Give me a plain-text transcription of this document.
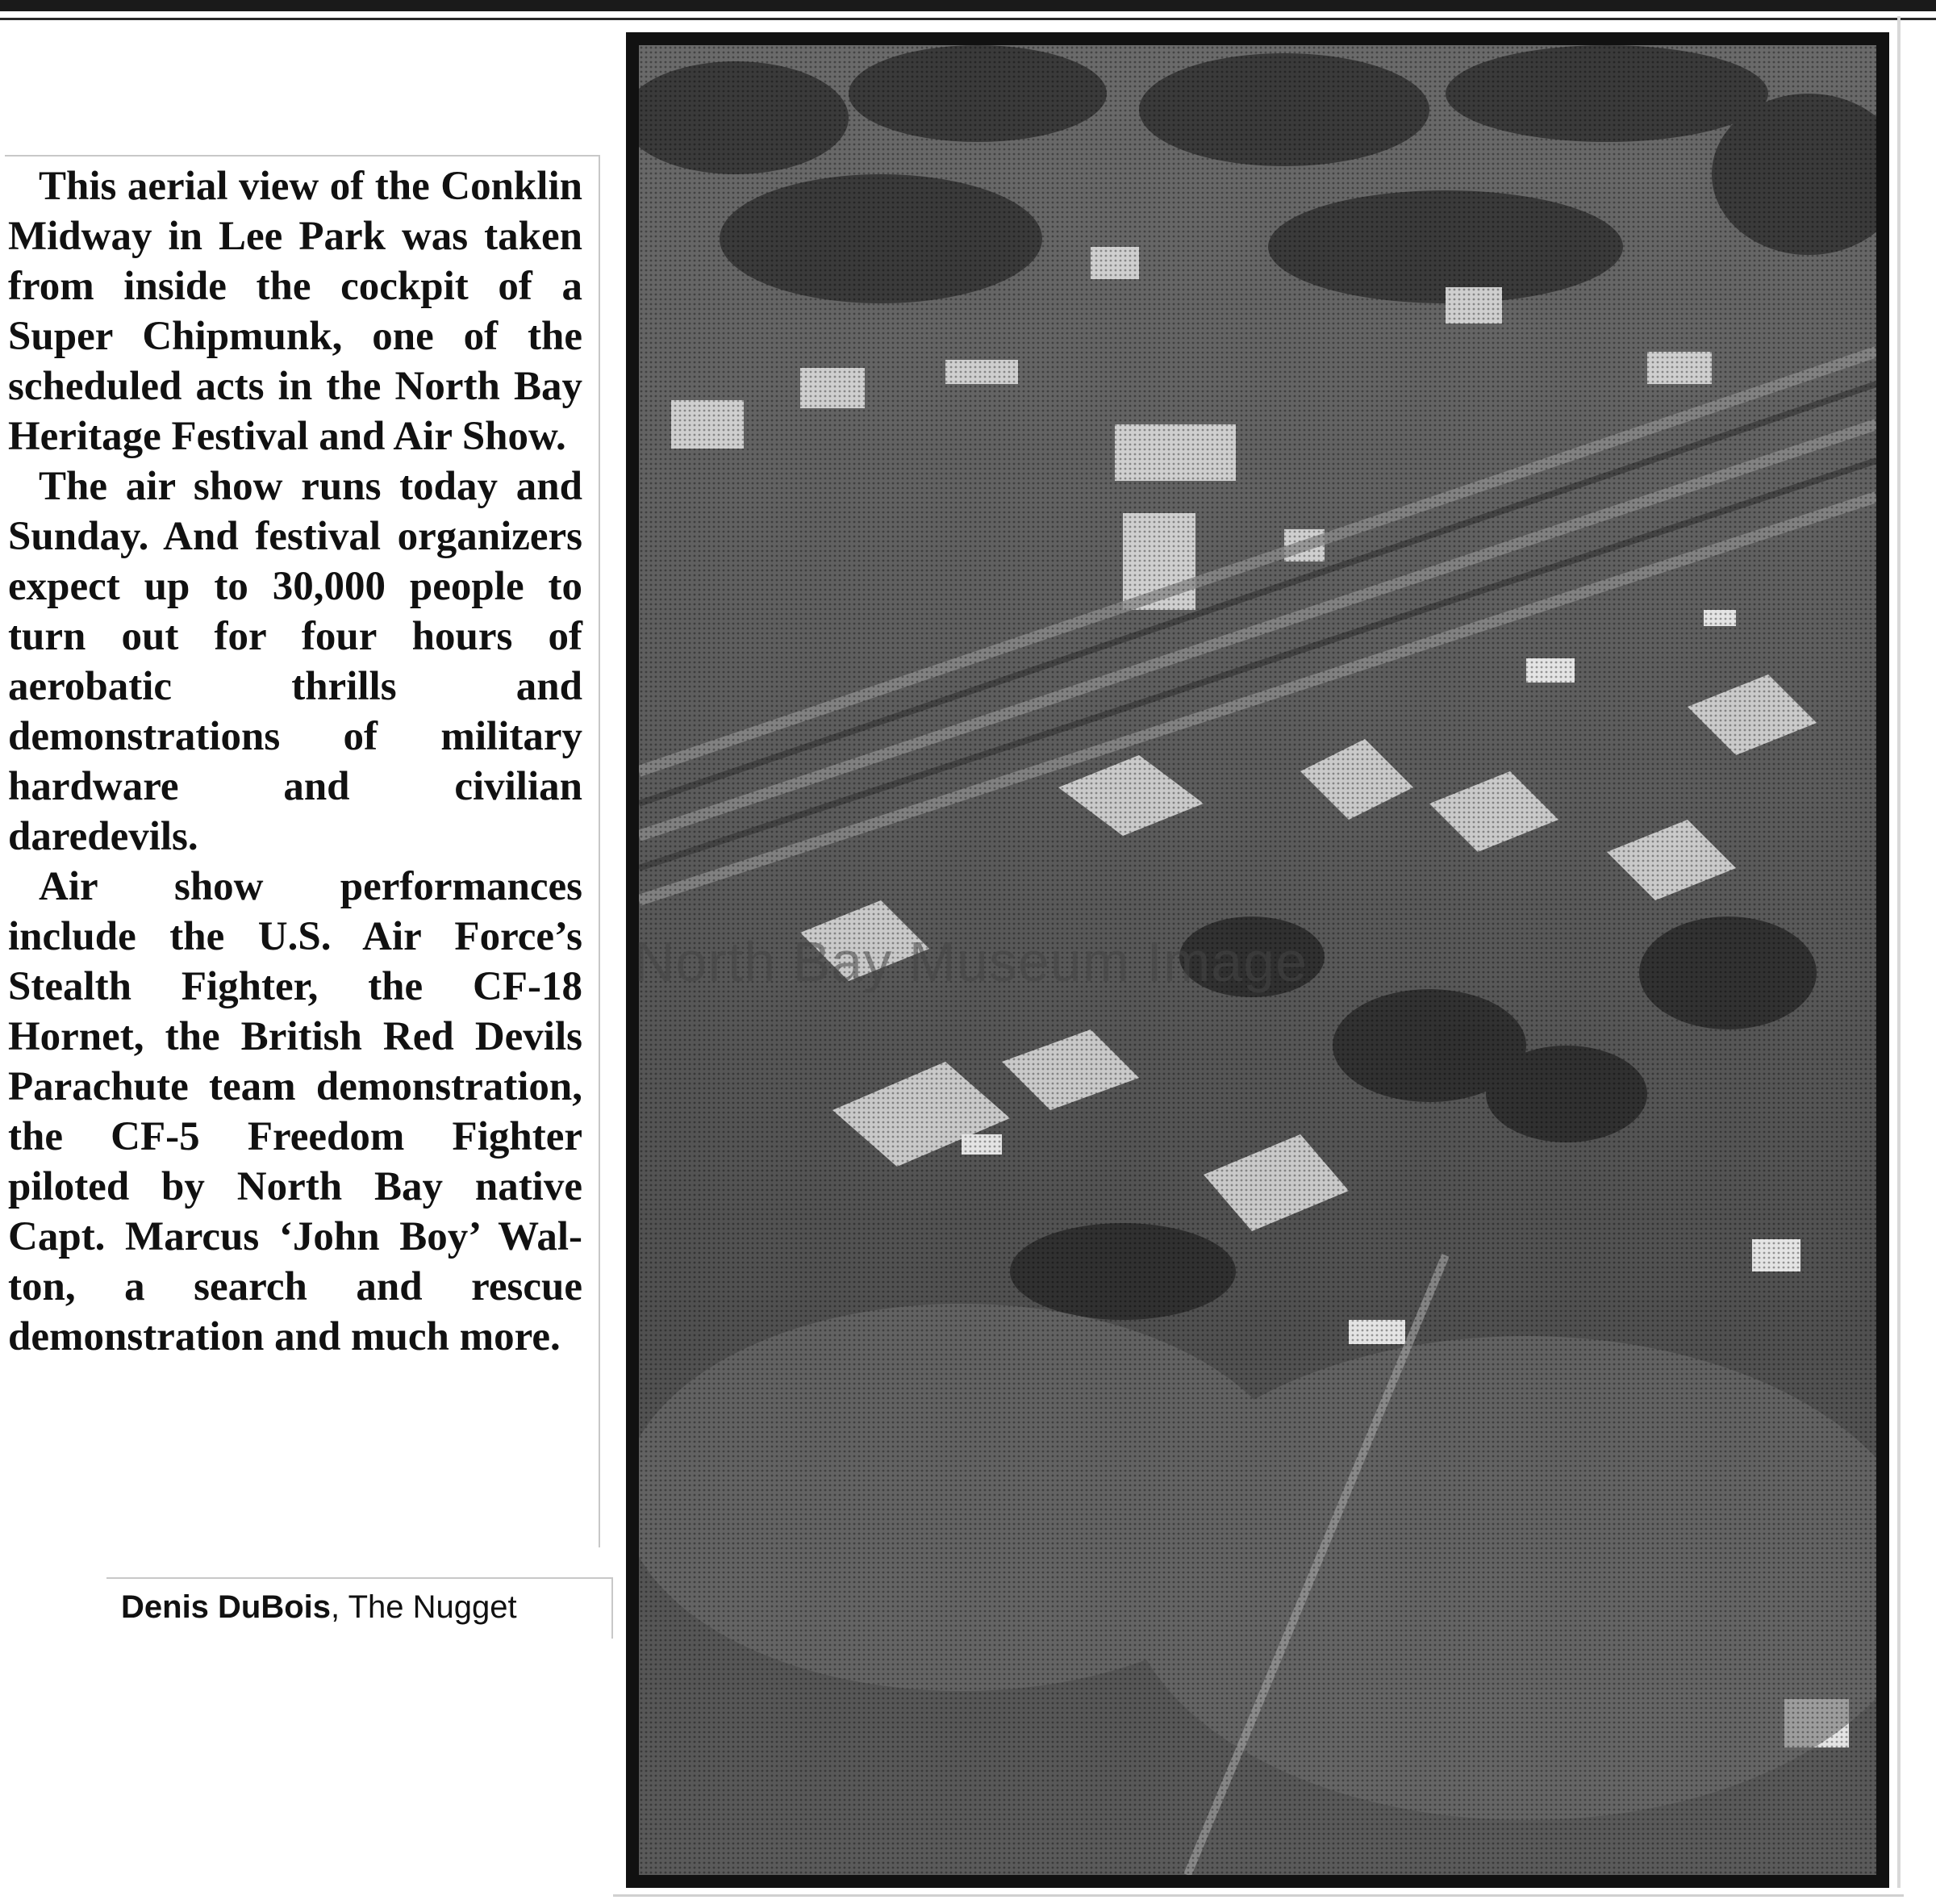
This aerial view of the Conklin Midway in Lee Park was taken from inside the cockpit of a Super Chipmunk, one of the scheduled acts in the North Bay Heritage Festival and Air Show.

The air show runs today and Sunday. And festival organizers expect up to 30,000 people to turn out for four hours of aerobatic thrills and demonstrations of military hardware and civilian daredevils.

Air show performances include the U.S. Air Force’s Stealth Fighter, the CF-18 Hornet, the British Red Devils Parachute team demonstration, the CF-5 Freedom Fighter piloted by North Bay native Capt. Marcus ‘John Boy’ Walton, a search and rescue demonstration and much more.

Denis DuBois, The Nugget
North Bay Museum Image
